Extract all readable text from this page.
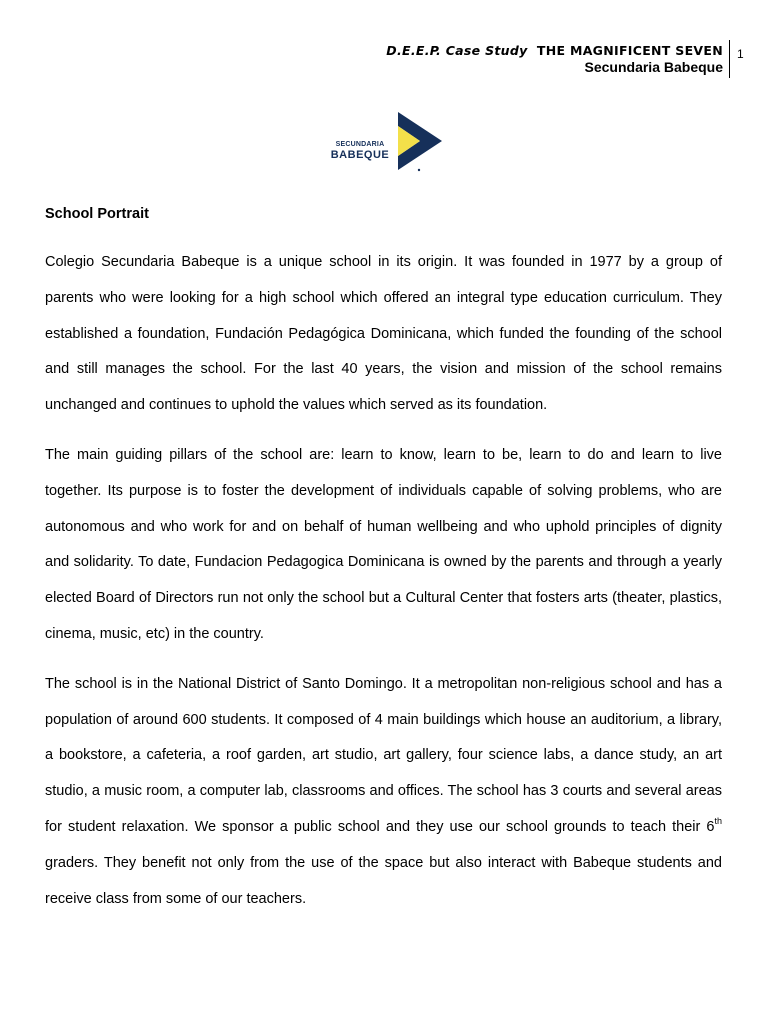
D.E.E.P. Case Study THE MAGNIFICENT SEVEN
Secundaria Babeque
1
SECUNDARIA
BABEQUE
School Portrait

Colegio Secundaria Babeque is a unique school in its origin. It was founded in 1977 by a group of parents who were looking for a high school which offered an integral type education curriculum. They established a foundation, Fundación Pedagógica Dominicana, which funded the founding of the school and still manages the school. For the last 40 years, the vision and mission of the school remains unchanged and continues to uphold the values which served as its foundation.

The main guiding pillars of the school are: learn to know, learn to be, learn to do and learn to live together. Its purpose is to foster the development of individuals capable of solving problems, who are autonomous and who work for and on behalf of human wellbeing and who uphold principles of dignity and solidarity. To date, Fundacion Pedagogica Dominicana is owned by the parents and through a yearly elected Board of Directors run not only the school but a Cultural Center that fosters arts (theater, plastics, cinema, music, etc) in the country.

The school is in the National District of Santo Domingo. It a metropolitan non-religious school and has a population of around 600 students. It composed of 4 main buildings which house an auditorium, a library, a bookstore, a cafeteria, a roof garden, art studio, art gallery, four science labs, a dance study, an art studio, a music room, a computer lab, classrooms and offices. The school has 3 courts and several areas for student relaxation. We sponsor a public school and they use our school grounds to teach their 6th graders. They benefit not only from the use of the space but also interact with Babeque students and receive class from some of our teachers.
